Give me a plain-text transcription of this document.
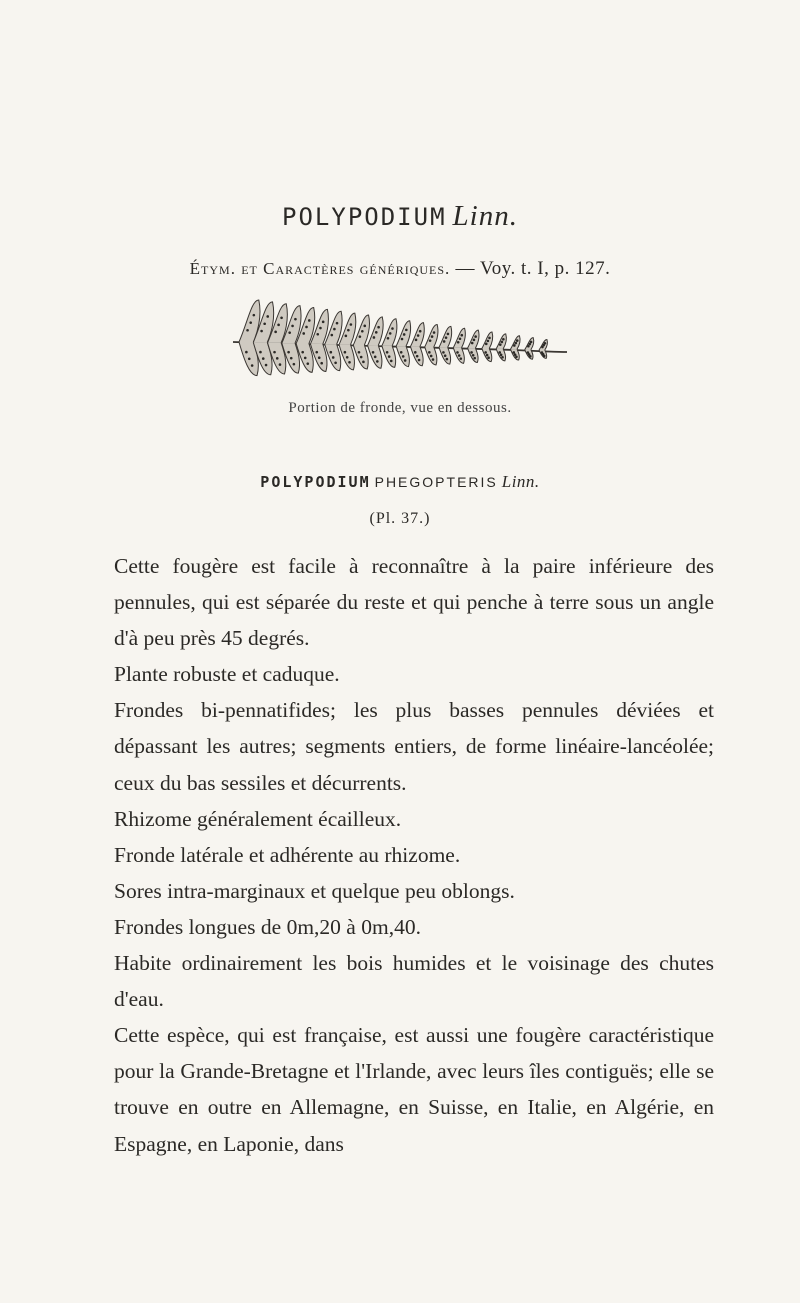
POLYPODIUM Linn.
Étym. et Caractères génériques. — Voy. t. I, p. 127.
Portion de fronde, vue en dessous.
POLYPODIUM PHEGOPTERIS Linn.
(Pl. 37.)

Cette fougère est facile à reconnaître à la paire inférieure des pennules, qui est séparée du reste et qui penche à terre sous un angle d'à peu près 45 degrés.

Plante robuste et caduque.

Frondes bi-pennatifides; les plus basses pennules déviées et dépassant les autres; segments entiers, de forme linéaire-lancéolée; ceux du bas sessiles et décurrents.

Rhizome généralement écailleux.

Fronde latérale et adhérente au rhizome.

Sores intra-marginaux et quelque peu oblongs.

Frondes longues de 0m,20 à 0m,40.

Habite ordinairement les bois humides et le voisinage des chutes d'eau.

Cette espèce, qui est française, est aussi une fougère caractéristique pour la Grande-Bretagne et l'Irlande, avec leurs îles contiguës; elle se trouve en outre en Allemagne, en Suisse, en Italie, en Algérie, en Espagne, en Laponie, dans
